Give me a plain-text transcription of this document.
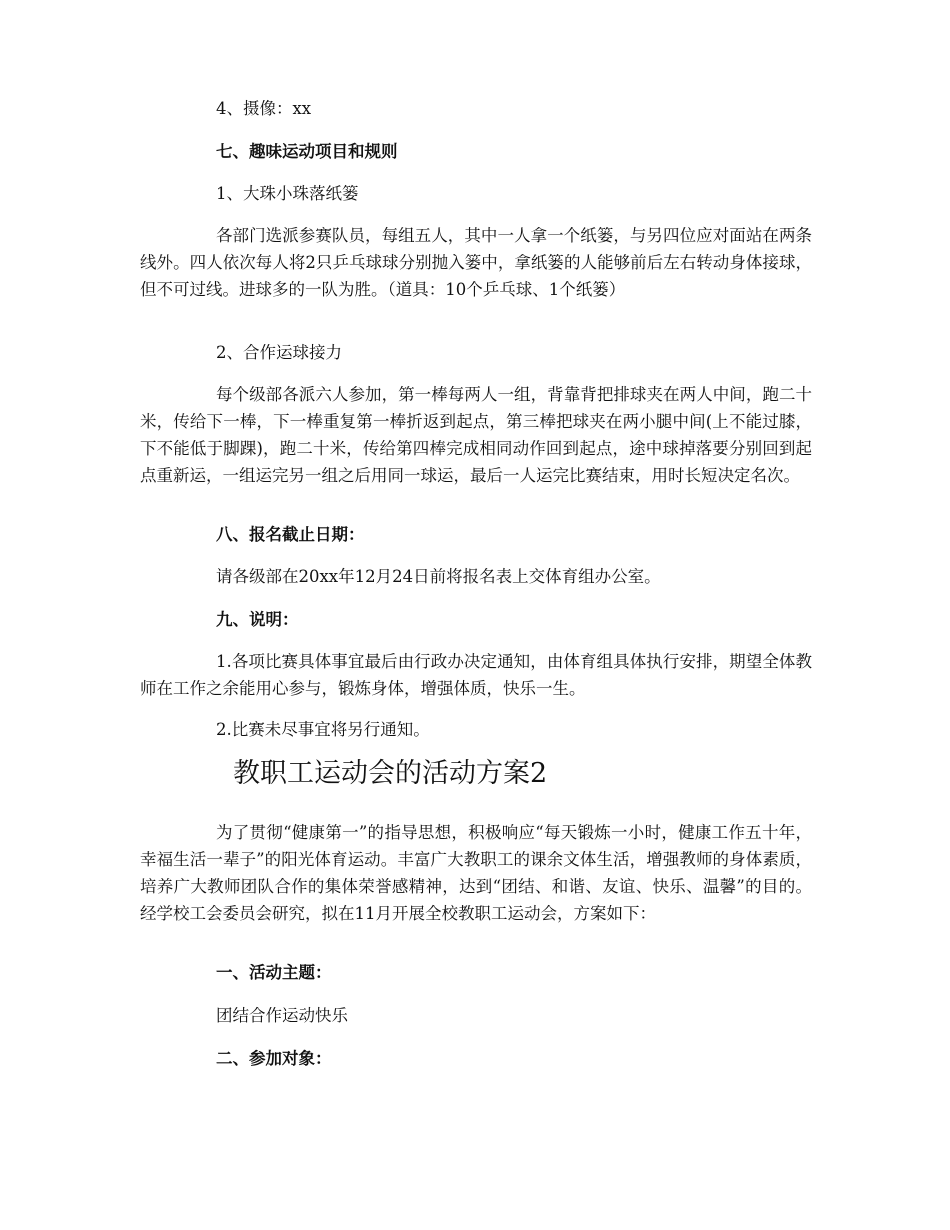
4、摄像：xx

七、趣味运动项目和规则

1、大珠小珠落纸篓

各部门选派参赛队员，每组五人，其中一人拿一个纸篓，与另四位应对面站在两条线外。四人依次每人将2只乒乓球球分别抛入篓中，拿纸篓的人能够前后左右转动身体接球，但不可过线。进球多的一队为胜。（道具：10个乒乓球、1个纸篓）

2、合作运球接力

每个级部各派六人参加，第一棒每两人一组，背靠背把排球夹在两人中间，跑二十米，传给下一棒，下一棒重复第一棒折返到起点，第三棒把球夹在两小腿中间(上不能过膝，下不能低于脚踝)，跑二十米，传给第四棒完成相同动作回到起点，途中球掉落要分别回到起点重新运，一组运完另一组之后用同一球运，最后一人运完比赛结束，用时长短决定名次。

八、报名截止日期：

请各级部在20xx年12月24日前将报名表上交体育组办公室。

九、说明：

1.各项比赛具体事宜最后由行政办决定通知，由体育组具体执行安排，期望全体教师在工作之余能用心参与，锻炼身体，增强体质，快乐一生。

2.比赛未尽事宜将另行通知。

教职工运动会的活动方案2

为了贯彻“健康第一”的指导思想，积极响应“每天锻炼一小时，健康工作五十年，幸福生活一辈子”的阳光体育运动。丰富广大教职工的课余文体生活，增强教师的身体素质，培养广大教师团队合作的集体荣誉感精神，达到“团结、和谐、友谊、快乐、温馨”的目的。经学校工会委员会研究，拟在11月开展全校教职工运动会，方案如下：

一、活动主题：

团结合作运动快乐

二、参加对象：
